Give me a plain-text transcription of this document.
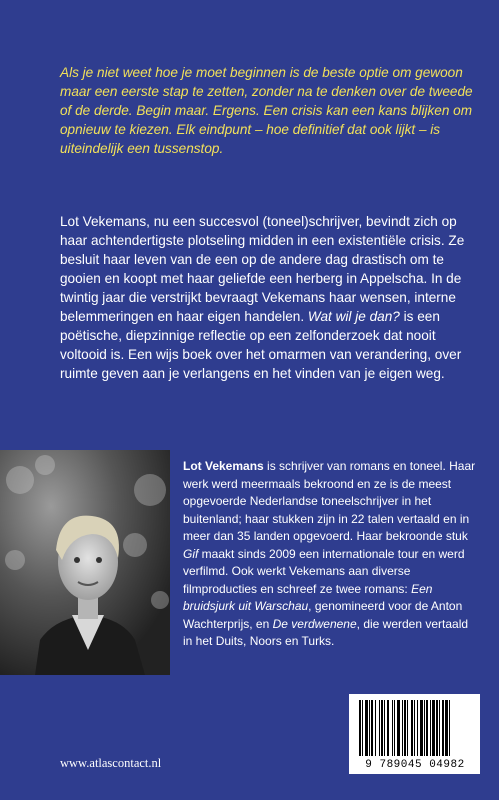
Als je niet weet hoe je moet beginnen is de beste optie om gewoon maar een eerste stap te zetten, zonder na te denken over de tweede of de derde. Begin maar. Ergens. Een crisis kan een kans blijken om opnieuw te kiezen. Elk eindpunt – hoe definitief dat ook lijkt – is uiteindelijk een tussenstop.

Lot Vekemans, nu een succesvol (toneel)schrijver, bevindt zich op haar achtendertigste plotseling midden in een existentiële crisis. Ze besluit haar leven van de een op de andere dag drastisch om te gooien en koopt met haar geliefde een herberg in Appelscha. In de twintig jaar die verstrijkt bevraagt Vekemans haar wensen, interne belemmeringen en haar eigen handelen. Wat wil je dan? is een poëtische, diepzinnige reflectie op een zelfonderzoek dat nooit voltooid is. Een wijs boek over het omarmen van verandering, over ruimte geven aan je verlangens en het vinden van je eigen weg.

Lot Vekemans is schrijver van romans en toneel. Haar werk werd meermaals bekroond en ze is de meest opgevoerde Nederlandse toneelschrijver in het buitenland; haar stukken zijn in 22 talen vertaald en in meer dan 35 landen opgevoerd. Haar bekroonde stuk Gif maakt sinds 2009 een internationale tour en werd verfilmd. Ook werkt Vekemans aan diverse filmproducties en schreef ze twee romans: Een bruidsjurk uit Warschau, genomineerd voor de Anton Wachterprijs, en De verdwenene, die werden vertaald in het Duits, Noors en Turks.

www.atlascontact.nl	9 789045 04982
